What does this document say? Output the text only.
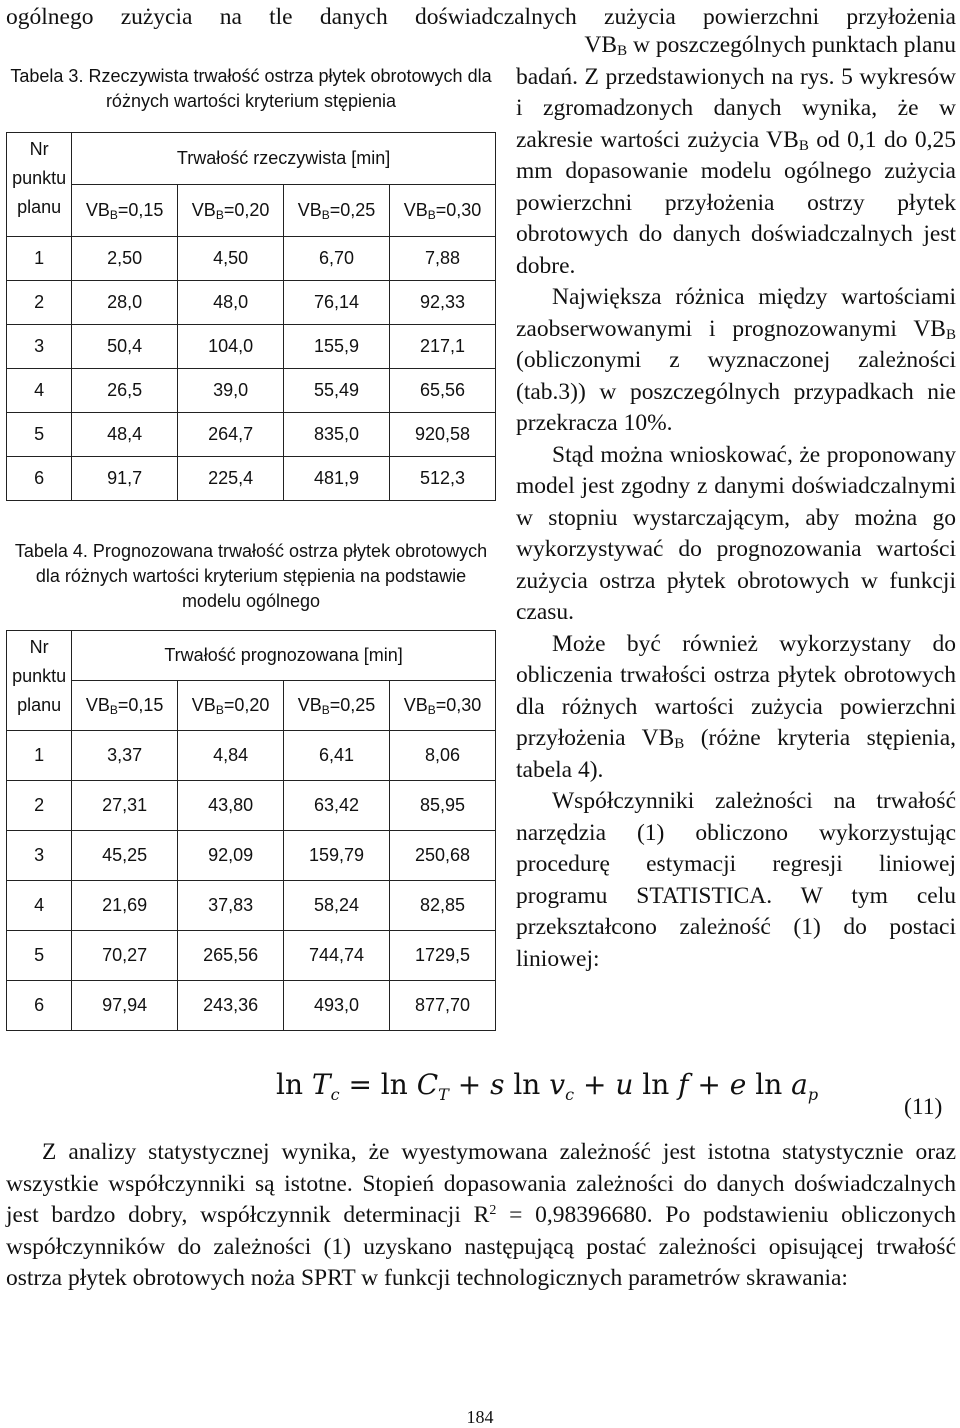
ogólnego zużycia na tle danych doświadczalnych zużycia powierzchni przyłożenia

$VB_B$ w poszczególnych punktach planu

badań. Z przedstawionych na rys. 5 wykresów i zgromadzonych danych wynika, że w zakresie wartości zużycia $VB_B$ od 0,1 do 0,25 mm dopasowanie modelu ogólnego zużycia powierzchni przyłożenia ostrzy płytek obrotowych do danych doświadczalnych jest dobre.

Największa różnica między wartościami zaobserwowanymi i prognozowanymi $VB_B$ (obliczonymi z wyznaczonej zależności (tab.3)) w poszczególnych przypadkach nie przekracza 10%.

Stąd można wnioskować, że proponowany model jest zgodny z danymi doświadczalnymi w stopniu wystarczającym, aby można go wykorzystywać do prognozowania wartości zużycia ostrza płytek obrotowych w funkcji czasu.

Może być również wykorzystany do obliczenia trwałości ostrza płytek obrotowych dla różnych wartości zużycia powierzchni przyłożenia $VB_B$ (różne kryteria stępienia, tabela 4).

Współczynniki zależności na trwałość narzędzia (1) obliczono wykorzystując procedurę estymacji regresji liniowej programu STATISTICA. W tym celu przekształcono zależność (1) do postaci liniowej:

Tabela 3. Rzeczywista trwałość ostrza płytek obrotowych dla różnych wartości kryterium stępienia
Nr
punktu
planu	Trwałość rzeczywista [min]			
	$VB_B=0,15$	$VB_B=0,20$	$VB_B=0,25$	$VB_B=0,30$
1	2,50	4,50	6,70	7,88
2	28,0	48,0	76,14	92,33
3	50,4	104,0	155,9	217,1
4	26,5	39,0	55,49	65,56
5	48,4	264,7	835,0	920,58
6	91,7	225,4	481,9	512,3
Tabela 4. Prognozowana trwałość ostrza płytek obrotowych dla różnych wartości kryterium stępienia na podstawie modelu ogólnego
Nr
punktu
planu	Trwałość prognozowana [min]			
	$VB_B=0,15$	$VB_B=0,20$	$VB_B=0,25$	$VB_B=0,30$
1	3,37	4,84	6,41	8,06
2	27,31	43,80	63,42	85,95
3	45,25	92,09	159,79	250,68
4	21,69	37,83	58,24	82,85
5	70,27	265,56	744,74	1729,5
6	97,94	243,36	493,0	877,70
$\ln T_c = \ln C_T + s$ $\ln v_c + u$ ln f + e $\ln a_p$	(11)

Z analizy statystycznej wynika, że wyestymowana zależność jest istotna statystycznie oraz wszystkie współczynniki są istotne. Stopień dopasowania zależności do danych doświadczalnych jest bardzo dobry, współczynnik determinacji $R^2 = 0,98396680$. Po podstawieniu obliczonych współczynników do zależności (1) uzyskano następującą postać zależności opisującej trwałość ostrza płytek obrotowych noża SPRT w funkcji technologicznych parametrów skrawania:

184
